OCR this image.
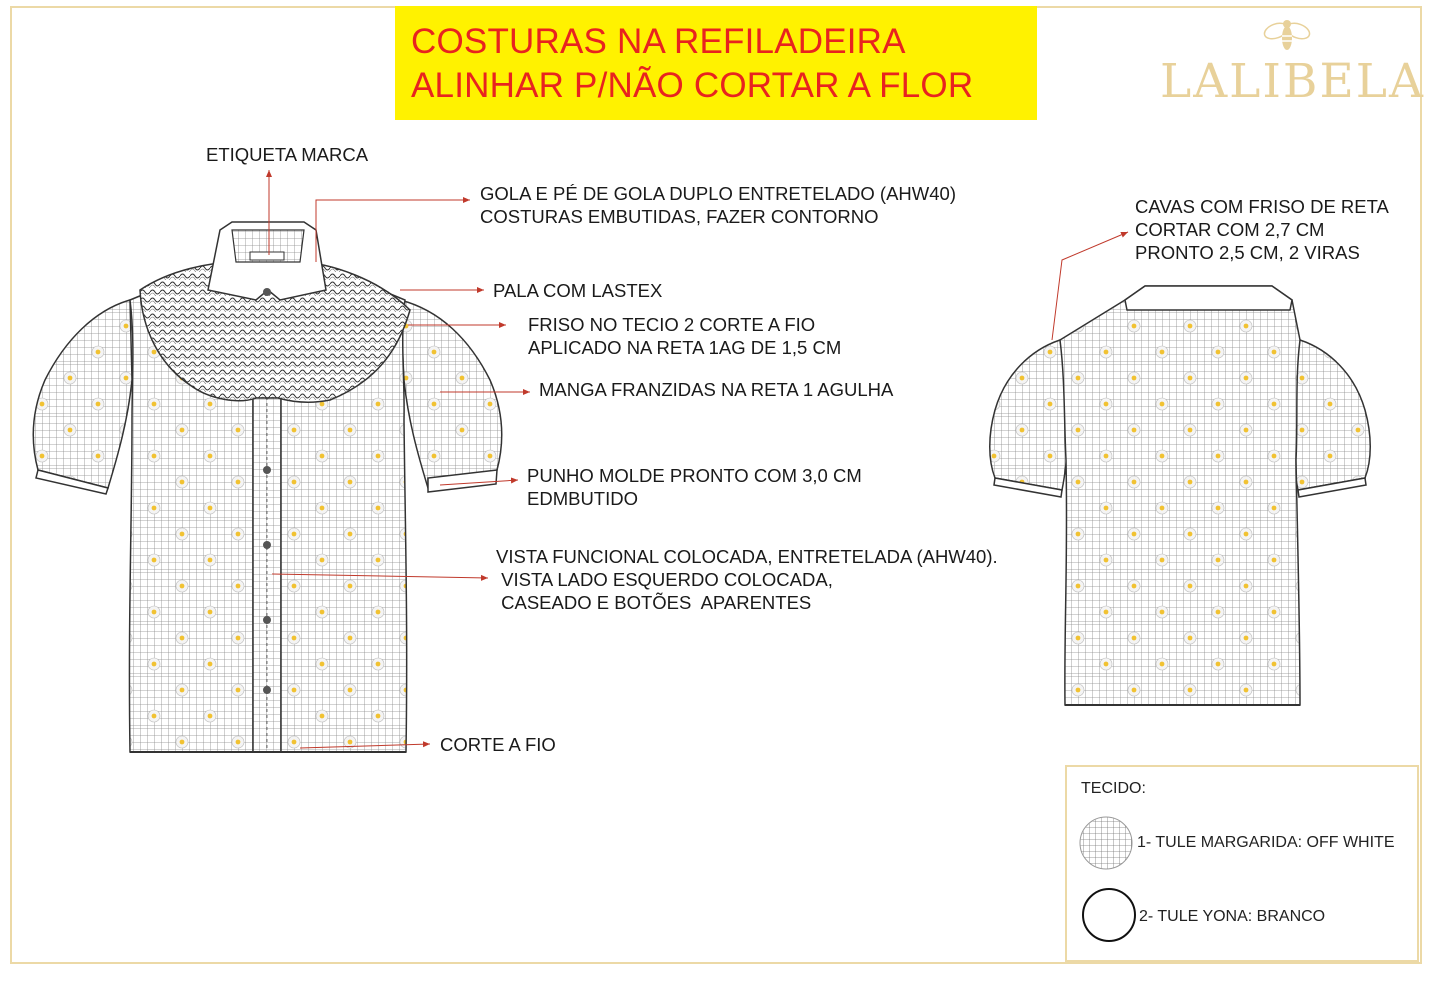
COSTURAS NA REFILADEIRA
ALINHAR P/NÃO CORTAR A FLOR	LALIBELA
ETIQUETA MARCA
GOLA E PÉ DE GOLA DUPLO ENTRETELADO (AHW40)
COSTURAS EMBUTIDAS, FAZER CONTORNO
PALA COM LASTEX
FRISO NO TECIO 2 CORTE A FIO
APLICADO NA RETA 1AG DE 1,5 CM
MANGA FRANZIDAS NA RETA 1 AGULHA
PUNHO MOLDE PRONTO COM 3,0 CM
EDMBUTIDO
VISTA FUNCIONAL COLOCADA, ENTRETELADA (AHW40).
VISTA LADO ESQUERDO COLOCADA,
CASEADO E BOTÕES  APARENTES
CORTE A FIO
CAVAS COM FRISO DE RETA
CORTAR COM 2,7 CM
PRONTO 2,5 CM, 2 VIRAS
TECIDO:
1- TULE MARGARIDA: OFF WHITE
2- TULE YONA: BRANCO
